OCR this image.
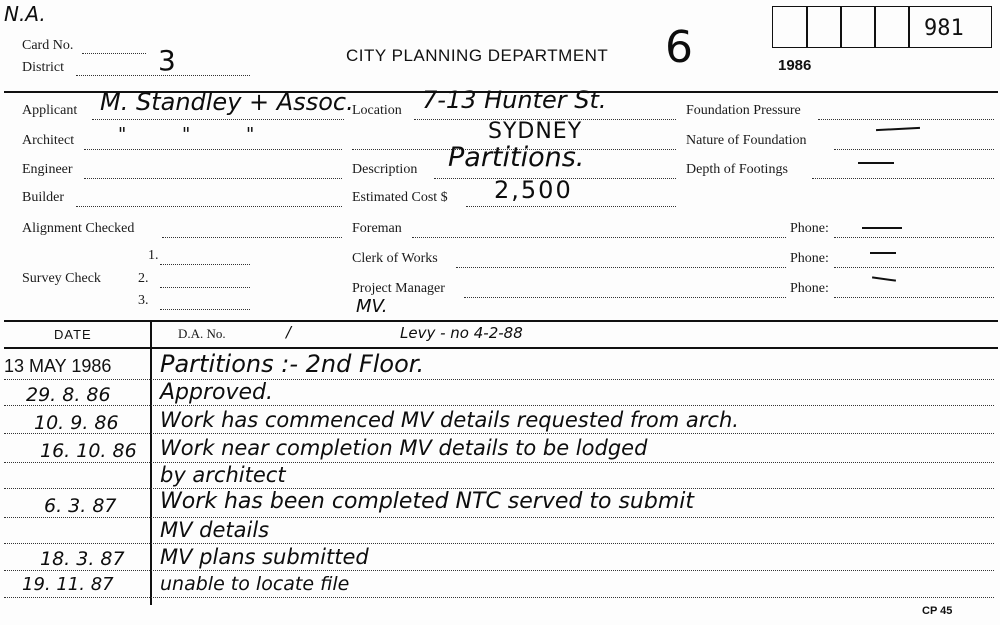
N.A.
Card No.
District	3	CITY PLANNING DEPARTMENT 6	1986
981
Applicant M. Standley + Assoc.
Architect " " "
Engineer
Builder
Alignment Checked
Survey Check
1.
2.
3.
Location 7-13 Hunter St.
SYDNEY
Description Partitions.
Estimated Cost $ 2,500
Foreman
Clerk of Works
Project Manager
MV.
Foundation Pressure
Nature of Foundation
Depth of Footings
Phone:
Phone:
Phone:
DATE	D.A. No.	/	Levy - no 4-2-88
13 MAY 1986 Partitions :- 2nd Floor.
29. 8. 86 Approved.
10. 9. 86 Work has commenced MV details requested from arch.
16. 10. 86 Work near completion MV details to be lodged
by architect
6. 3. 87 Work has been completed NTC served to submit
MV details
18. 3. 87 MV plans submitted
19. 11. 87 unable to locate file
CP 45
